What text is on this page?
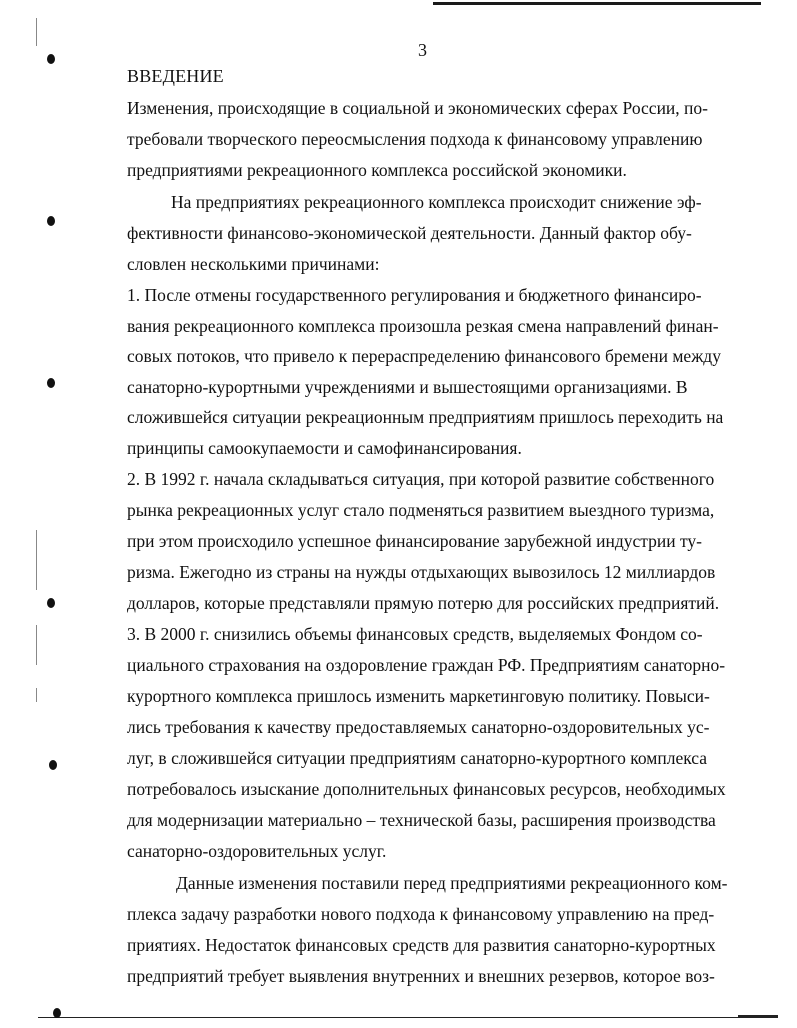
3
ВВЕДЕНИЕ
Изменения, происходящие в социальной и экономических сферах России, по-
требовали творческого переосмысления подхода к финансовому управлению
предприятиями рекреационного комплекса российской экономики.
На предприятиях рекреационного комплекса происходит снижение эф-
фективности финансово-экономической деятельности. Данный фактор обу-
словлен несколькими причинами:
1. После отмены государственного регулирования и бюджетного финансиро-
вания рекреационного комплекса произошла резкая смена направлений финан-
совых потоков, что привело к перераспределению финансового бремени между
санаторно-курортными учреждениями и вышестоящими организациями. В
сложившейся ситуации рекреационным предприятиям пришлось переходить на
принципы самоокупаемости и самофинансирования.
2. В 1992 г. начала складываться ситуация, при которой развитие собственного
рынка рекреационных услуг стало подменяться развитием выездного туризма,
при этом происходило успешное финансирование зарубежной индустрии ту-
ризма. Ежегодно из страны на нужды отдыхающих вывозилось 12 миллиардов
долларов, которые представляли прямую потерю для российских предприятий.
3. В 2000 г. снизились объемы финансовых средств, выделяемых Фондом со-
циального страхования на оздоровление граждан РФ. Предприятиям санаторно-
курортного комплекса пришлось изменить маркетинговую политику. Повыси-
лись требования к качеству предоставляемых санаторно-оздоровительных ус-
луг, в сложившейся ситуации предприятиям санаторно-курортного комплекса
потребовалось изыскание дополнительных финансовых ресурсов, необходимых
для модернизации материально – технической базы, расширения производства
санаторно-оздоровительных услуг.
Данные изменения поставили перед предприятиями рекреационного ком-
плекса задачу разработки нового подхода к финансовому управлению на пред-
приятиях. Недостаток финансовых средств для развития санаторно-курортных
предприятий требует выявления внутренних и внешних резервов, которое воз-
